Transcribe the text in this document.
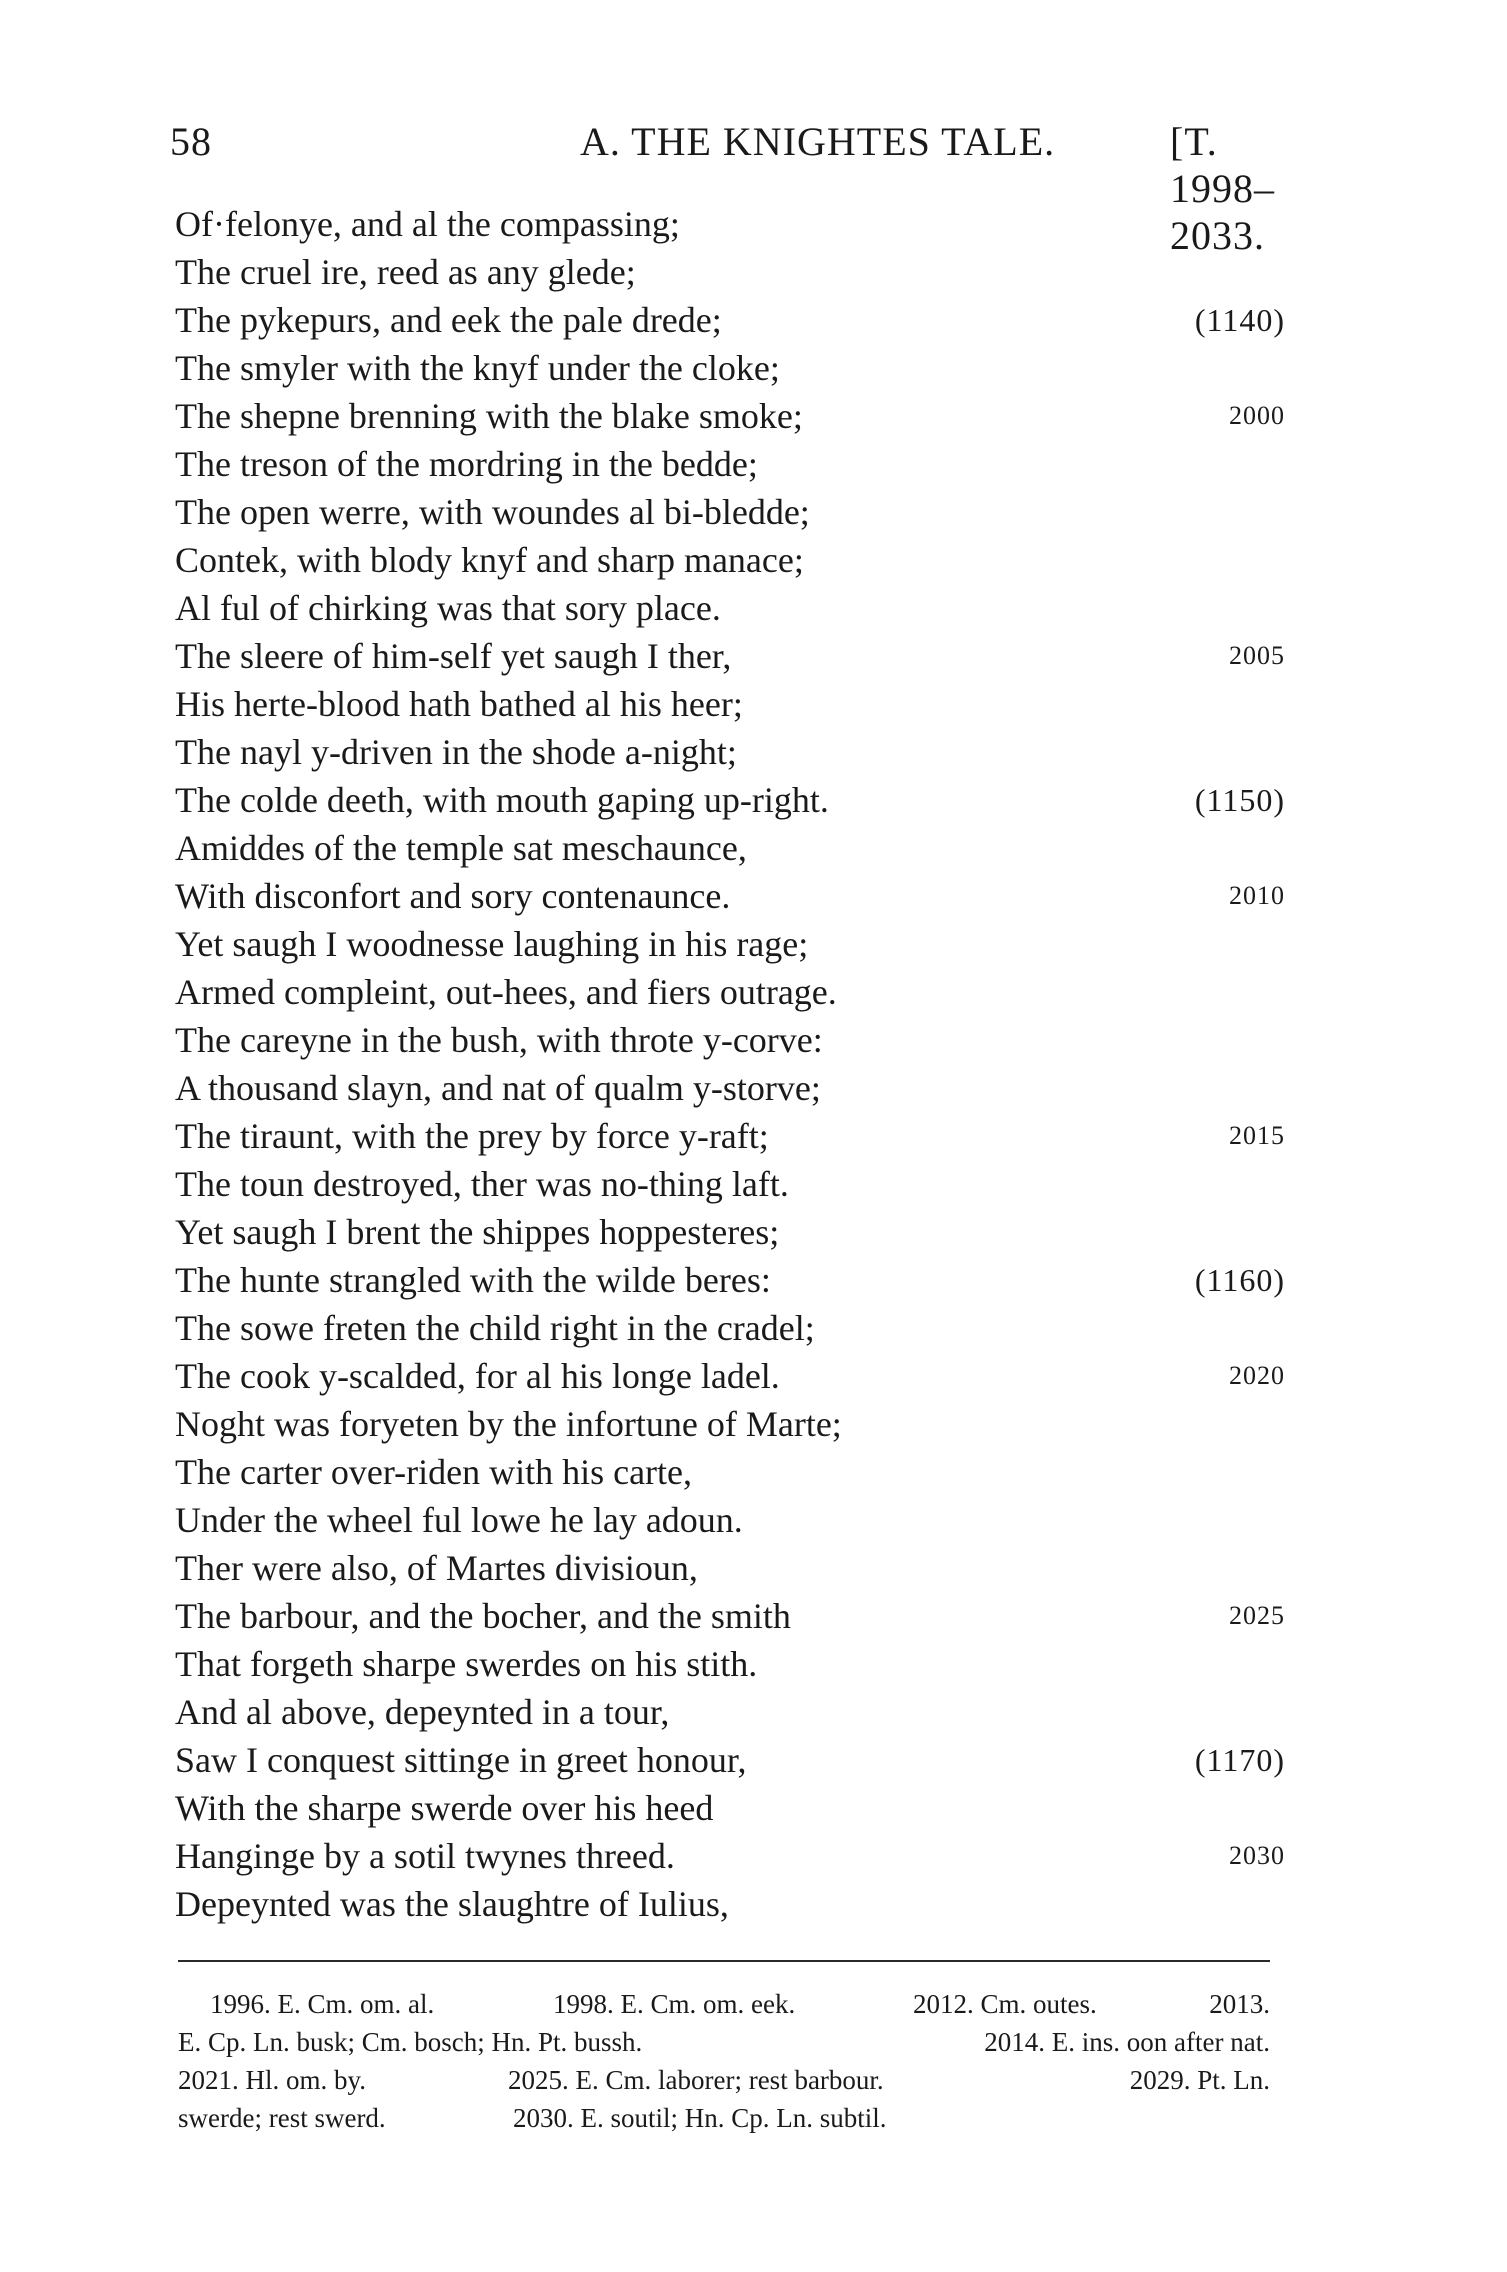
58	A. THE KNIGHTES TALE.	[T. 1998–2033.
Of·felonye, and al the compassing;
The cruel ire, reed as any glede;
The pykepurs, and eek the pale drede;	(1140)
The smyler with the knyf under the cloke;
The shepne brenning with the blake smoke;	2000
The treson of the mordring in the bedde;
The open werre, with woundes al bi-bledde;
Contek, with blody knyf and sharp manace;
Al ful of chirking was that sory place.
The sleere of him-self yet saugh I ther,	2005
His herte-blood hath bathed al his heer;
The nayl y-driven in the shode a-night;
The colde deeth, with mouth gaping up-right.	(1150)
Amiddes of the temple sat meschaunce,
With disconfort and sory contenaunce.	2010
Yet saugh I woodnesse laughing in his rage;
Armed compleint, out-hees, and fiers outrage.
The careyne in the bush, with throte y-corve:
A thousand slayn, and nat of qualm y-storve;
The tiraunt, with the prey by force y-raft;	2015
The toun destroyed, ther was no-thing laft.
Yet saugh I brent the shippes hoppesteres;
The hunte strangled with the wilde beres:	(1160)
The sowe freten the child right in the cradel;
The cook y-scalded, for al his longe ladel.	2020
Noght was foryeten by the infortune of Marte;
The carter over-riden with his carte,
Under the wheel ful lowe he lay adoun.
Ther were also, of Martes divisioun,
The barbour, and the bocher, and the smith	2025
That forgeth sharpe swerdes on his stith.
And al above, depeynted in a tour,
Saw I conquest sittinge in greet honour,	(1170)
With the sharpe swerde over his heed
Hanginge by a sotil twynes threed.	2030
Depeynted was the slaughtre of Iulius,
1996. E. Cm. om. al.	1998. E. Cm. om. eek.	2012. Cm. outes.	2013.
E. Cp. Ln. busk; Cm. bosch; Hn. Pt. bussh.	2014. E. ins. oon after nat.
2021. Hl. om. by.	2025. E. Cm. laborer; rest barbour.	2029. Pt. Ln.
swerde; rest swerd.	2030. E. soutil; Hn. Cp. Ln. subtil.
